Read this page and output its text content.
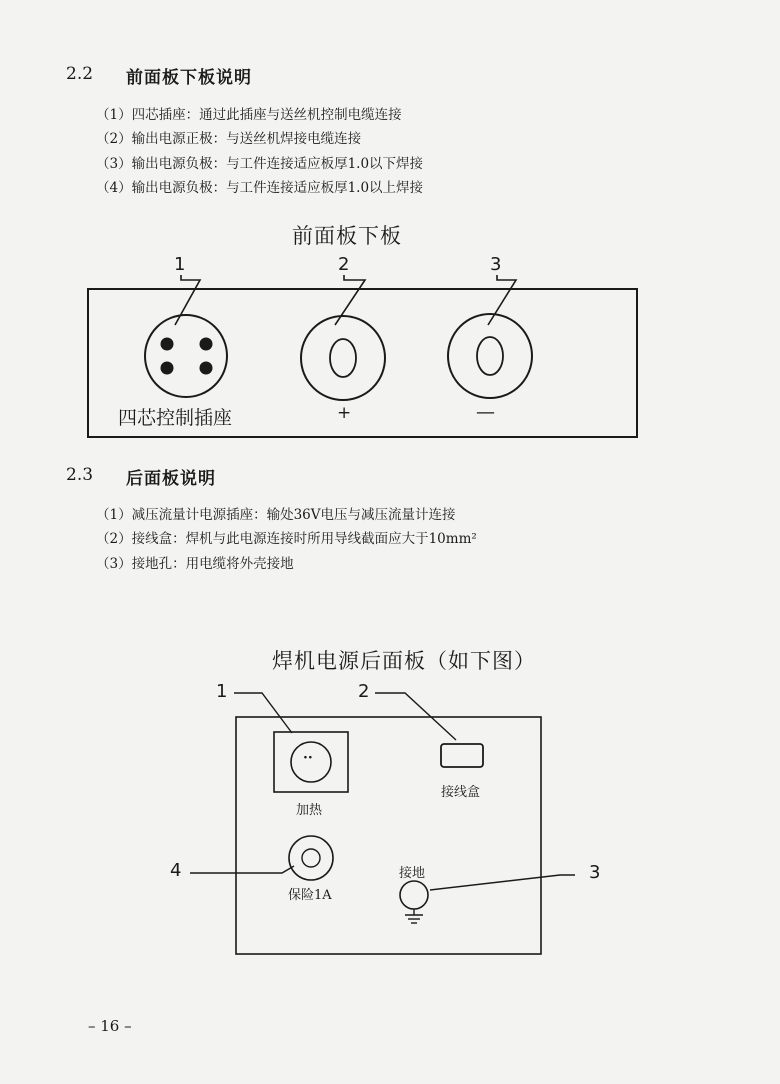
2.2 前面板下板说明
（1）四芯插座：通过此插座与送丝机控制电缆连接
（2）输出电源正极：与送丝机焊接电缆连接
（3）输出电源负极：与工件连接适应板厚1.0以下焊接
（4）输出电源负极：与工件连接适应板厚1.0以上焊接
前面板下板
1	2	3
四芯控制插座	+	—
2.3 后面板说明
（1）减压流量计电源插座：输处36V电压与减压流量计连接
（2）接线盒：焊机与此电源连接时所用导线截面应大于10mm²
（3）接地孔：用电缆将外壳接地
焊机电源后面板（如下图）
1	2
3
4
··
加热
接线盒
接地
保险1A
– 16 –
